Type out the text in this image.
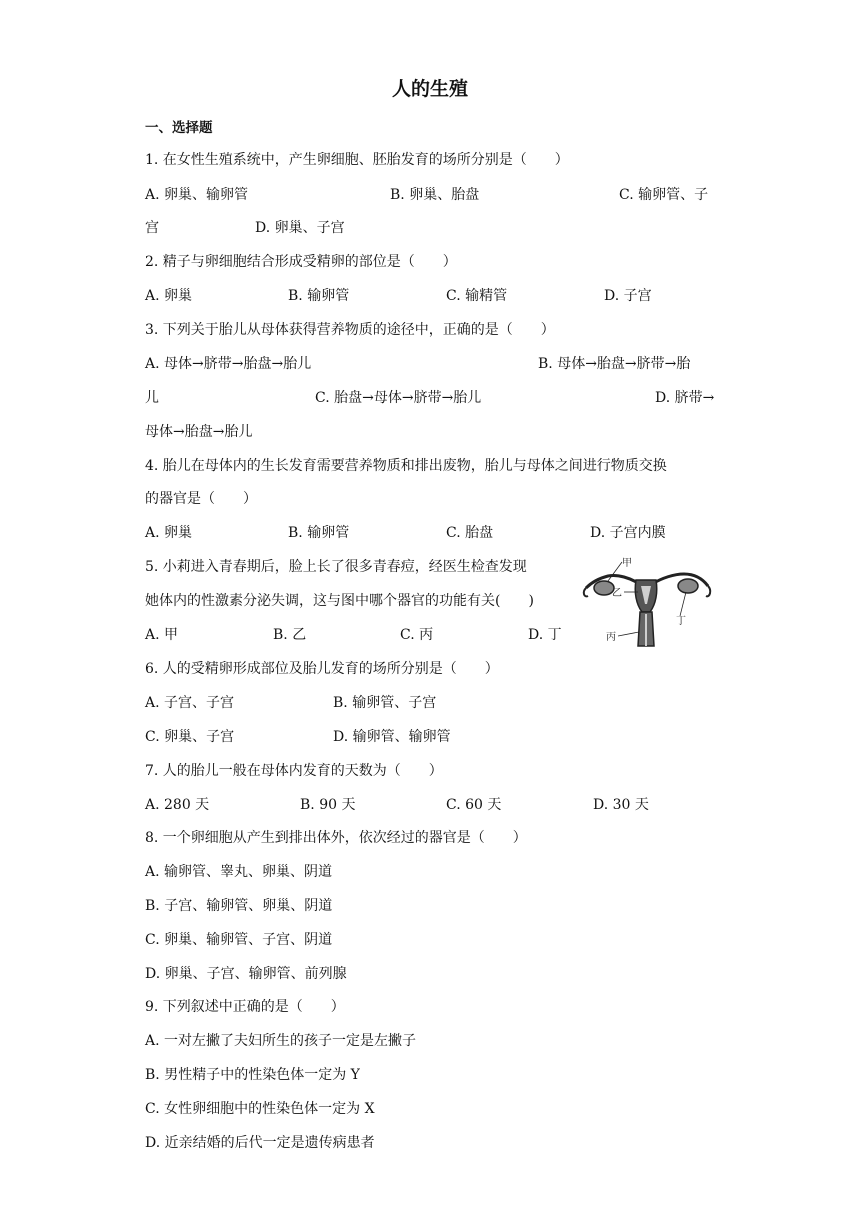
人的生殖
一、选择题
1. 在女性生殖系统中，产生卵细胞、胚胎发育的场所分别是（　　）
A. 卵巢、输卵管	B. 卵巢、胎盘	C. 输卵管、子
宫	D. 卵巢、子宫
2. 精子与卵细胞结合形成受精卵的部位是（　　）
A. 卵巢	B. 输卵管	C. 输精管	D. 子宫
3. 下列关于胎儿从母体获得营养物质的途径中，正确的是（　　）
A. 母体→脐带→胎盘→胎儿	B. 母体→胎盘→脐带→胎
儿	C. 胎盘→母体→脐带→胎儿	D. 脐带→
母体→胎盘→胎儿
4. 胎儿在母体内的生长发育需要营养物质和排出废物，胎儿与母体之间进行物质交换
的器官是（　　）
A. 卵巢	B. 输卵管	C. 胎盘	D. 子宫内膜
5. 小莉进入青春期后，脸上长了很多青春痘，经医生检查发现
她体内的性激素分泌失调，这与图中哪个器官的功能有关(　　)
A. 甲	B. 乙	C. 丙	D. 丁
甲
乙
丙
丁
6. 人的受精卵形成部位及胎儿发育的场所分别是（　　）
A. 子宫、子宫	B. 输卵管、子宫
C. 卵巢、子宫	D. 输卵管、输卵管
7. 人的胎儿一般在母体内发育的天数为（　　）
A. 280 天	B. 90 天	C. 60 天	D. 30 天
8. 一个卵细胞从产生到排出体外，依次经过的器官是（　　）
A. 输卵管、睾丸、卵巢、阴道
B. 子宫、输卵管、卵巢、阴道
C. 卵巢、输卵管、子宫、阴道
D. 卵巢、子宫、输卵管、前列腺
9. 下列叙述中正确的是（　　）
A. 一对左撇了夫妇所生的孩子一定是左撇子
B. 男性精子中的性染色体一定为 Y
C. 女性卵细胞中的性染色体一定为 X
D. 近亲结婚的后代一定是遗传病患者
